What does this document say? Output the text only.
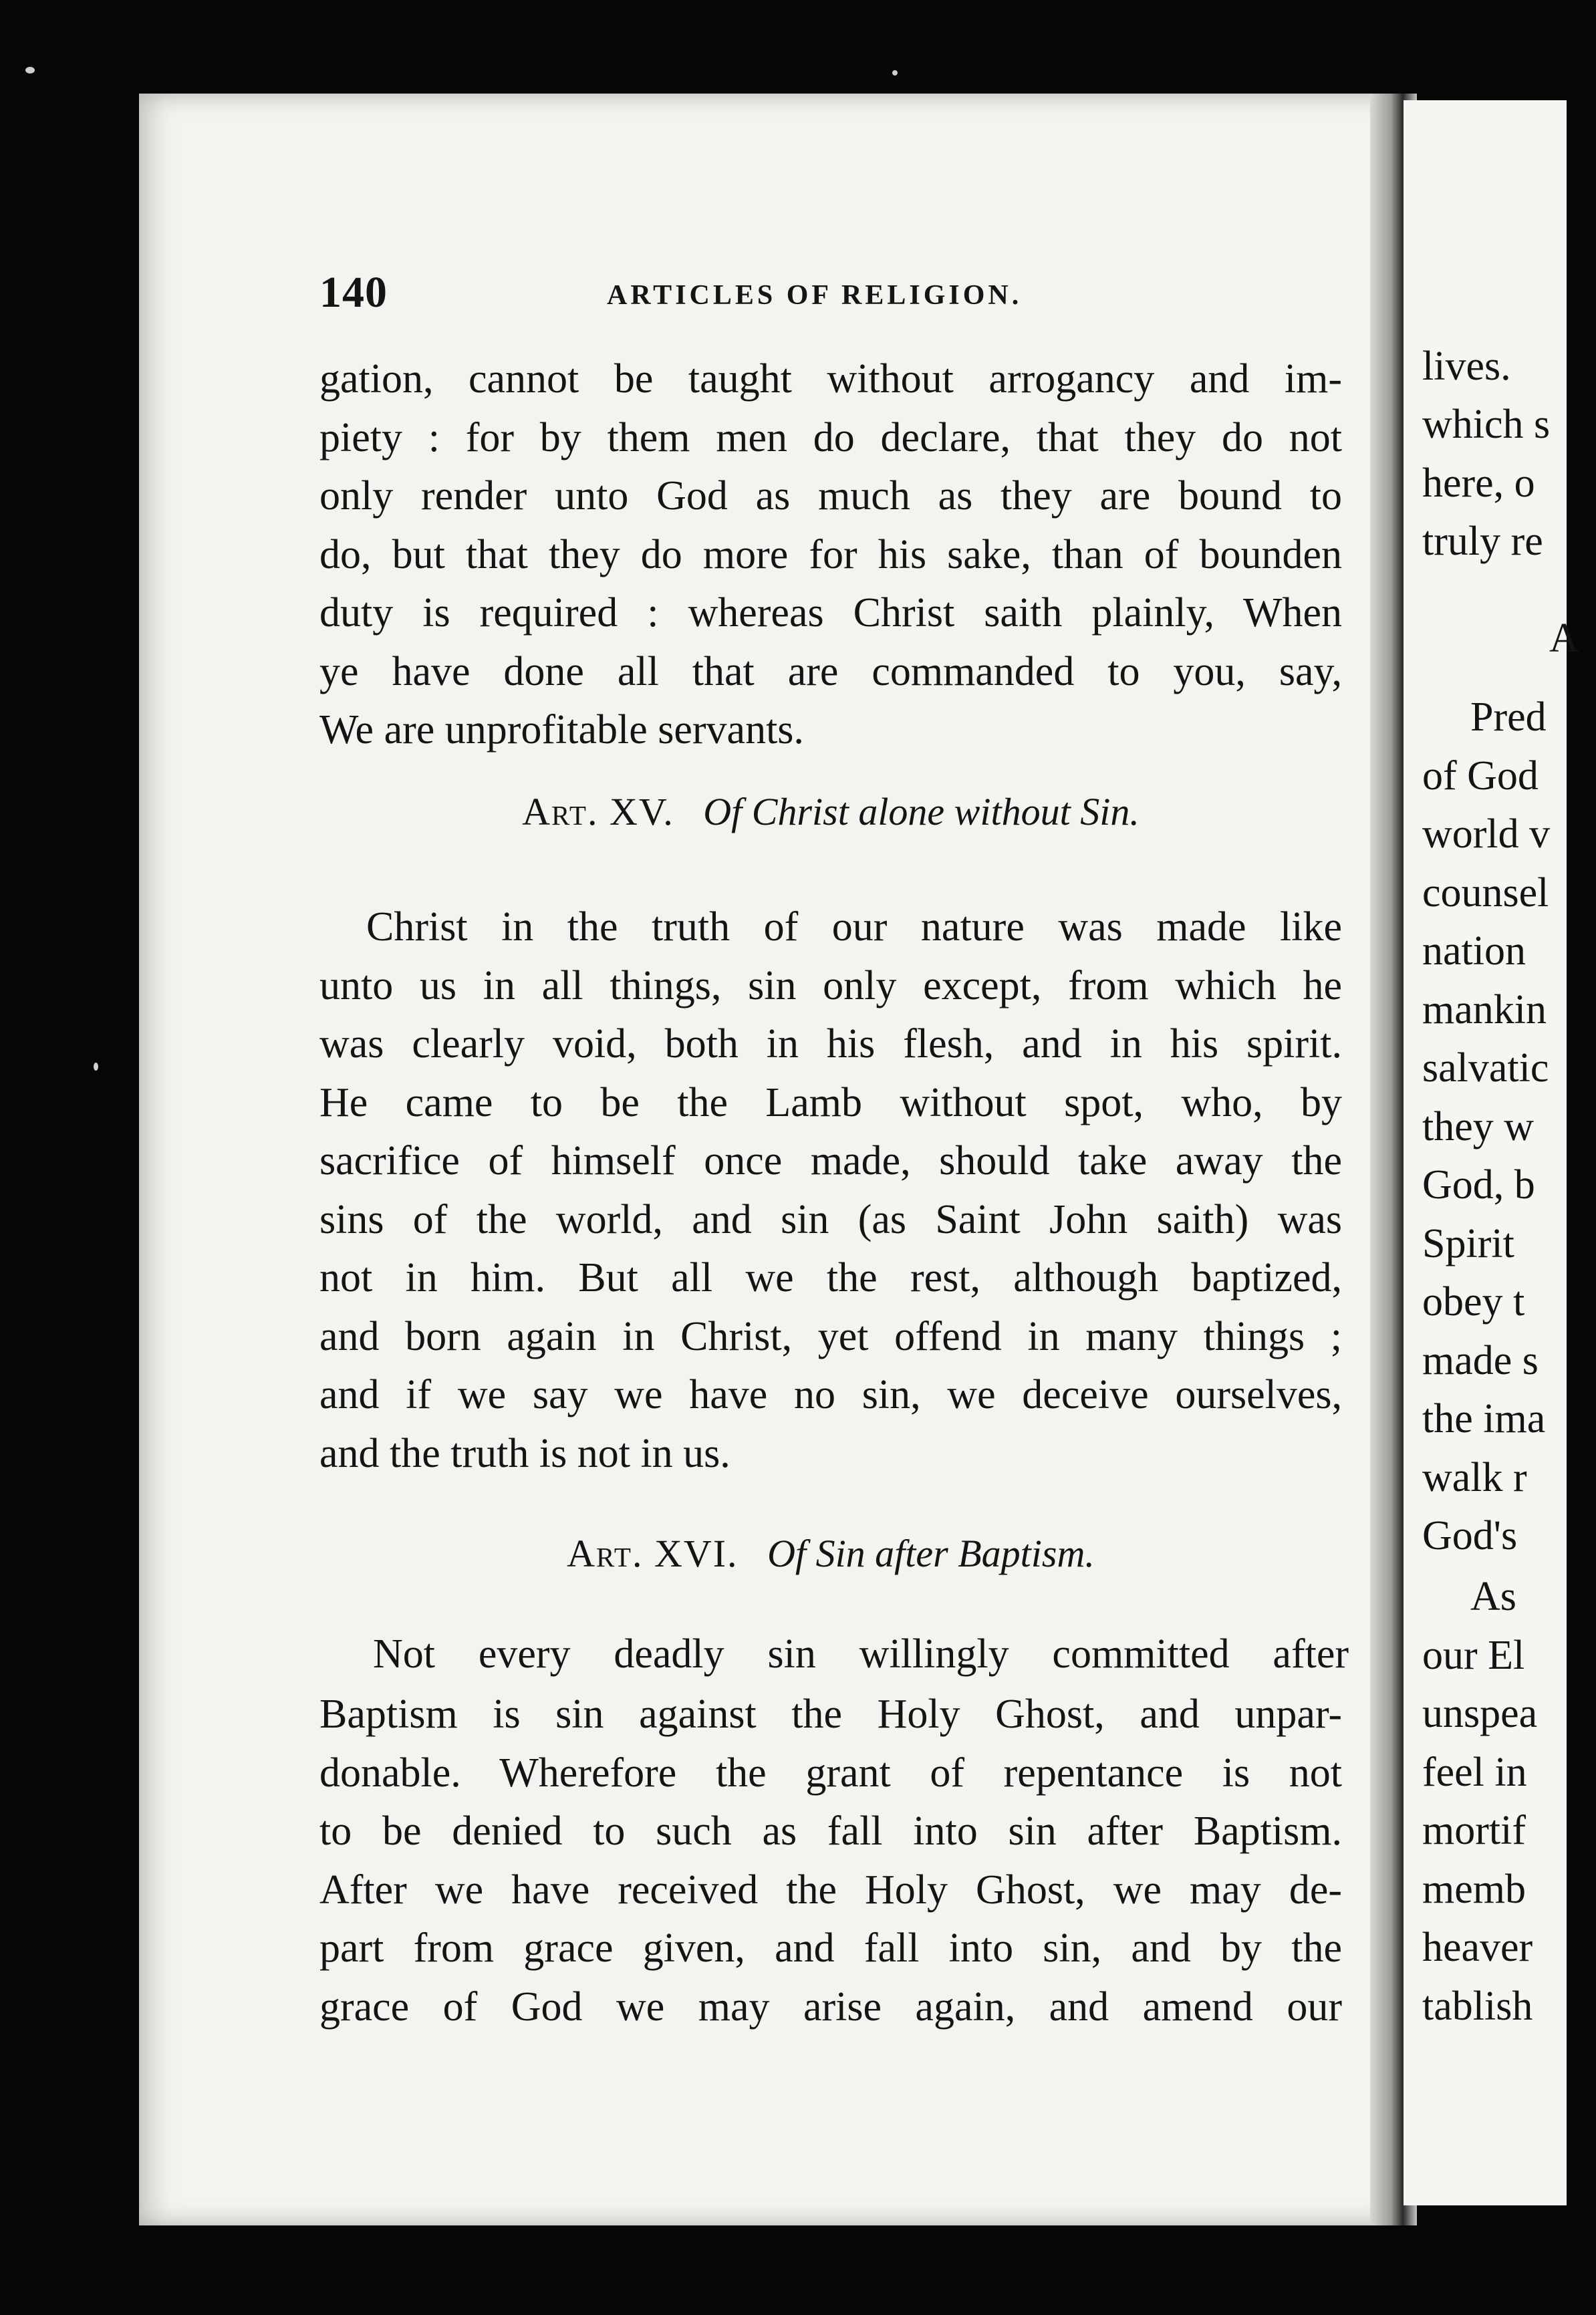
140	ARTICLES OF RELIGION.
gation, cannot be taught without arrogancy and im-
piety : for by them men do declare, that they do not
only render unto God as much as they are bound to
do, but that they do more for his sake, than of bounden
duty is required : whereas Christ saith plainly, When
ye have done all that are commanded to you, say,
We are unprofitable servants.
Art. XV. Of Christ alone without Sin.
Christ in the truth of our nature was made like
unto us in all things, sin only except, from which he
was clearly void, both in his flesh, and in his spirit.
He came to be the Lamb without spot, who, by
sacrifice of himself once made, should take away the
sins of the world, and sin (as Saint John saith) was
not in him. But all we the rest, although baptized,
and born again in Christ, yet offend in many things ;
and if we say we have no sin, we deceive ourselves,
and the truth is not in us.
Art. XVI. Of Sin after Baptism.
Not every deadly sin willingly committed after
Baptism is sin against the Holy Ghost, and unpar-
donable. Wherefore the grant of repentance is not
to be denied to such as fall into sin after Baptism.
After we have received the Holy Ghost, we may de-
part from grace given, and fall into sin, and by the
grace of God we may arise again, and amend our
lives.
which s
here, o
truly re
A
Pred
of God
world v
counsel
nation
mankin
salvatic
they w
God, b
Spirit
obey t
made s
the ima
walk r
God's
As
our El
unspea
feel in
mortif
memb
heaver
tablish
